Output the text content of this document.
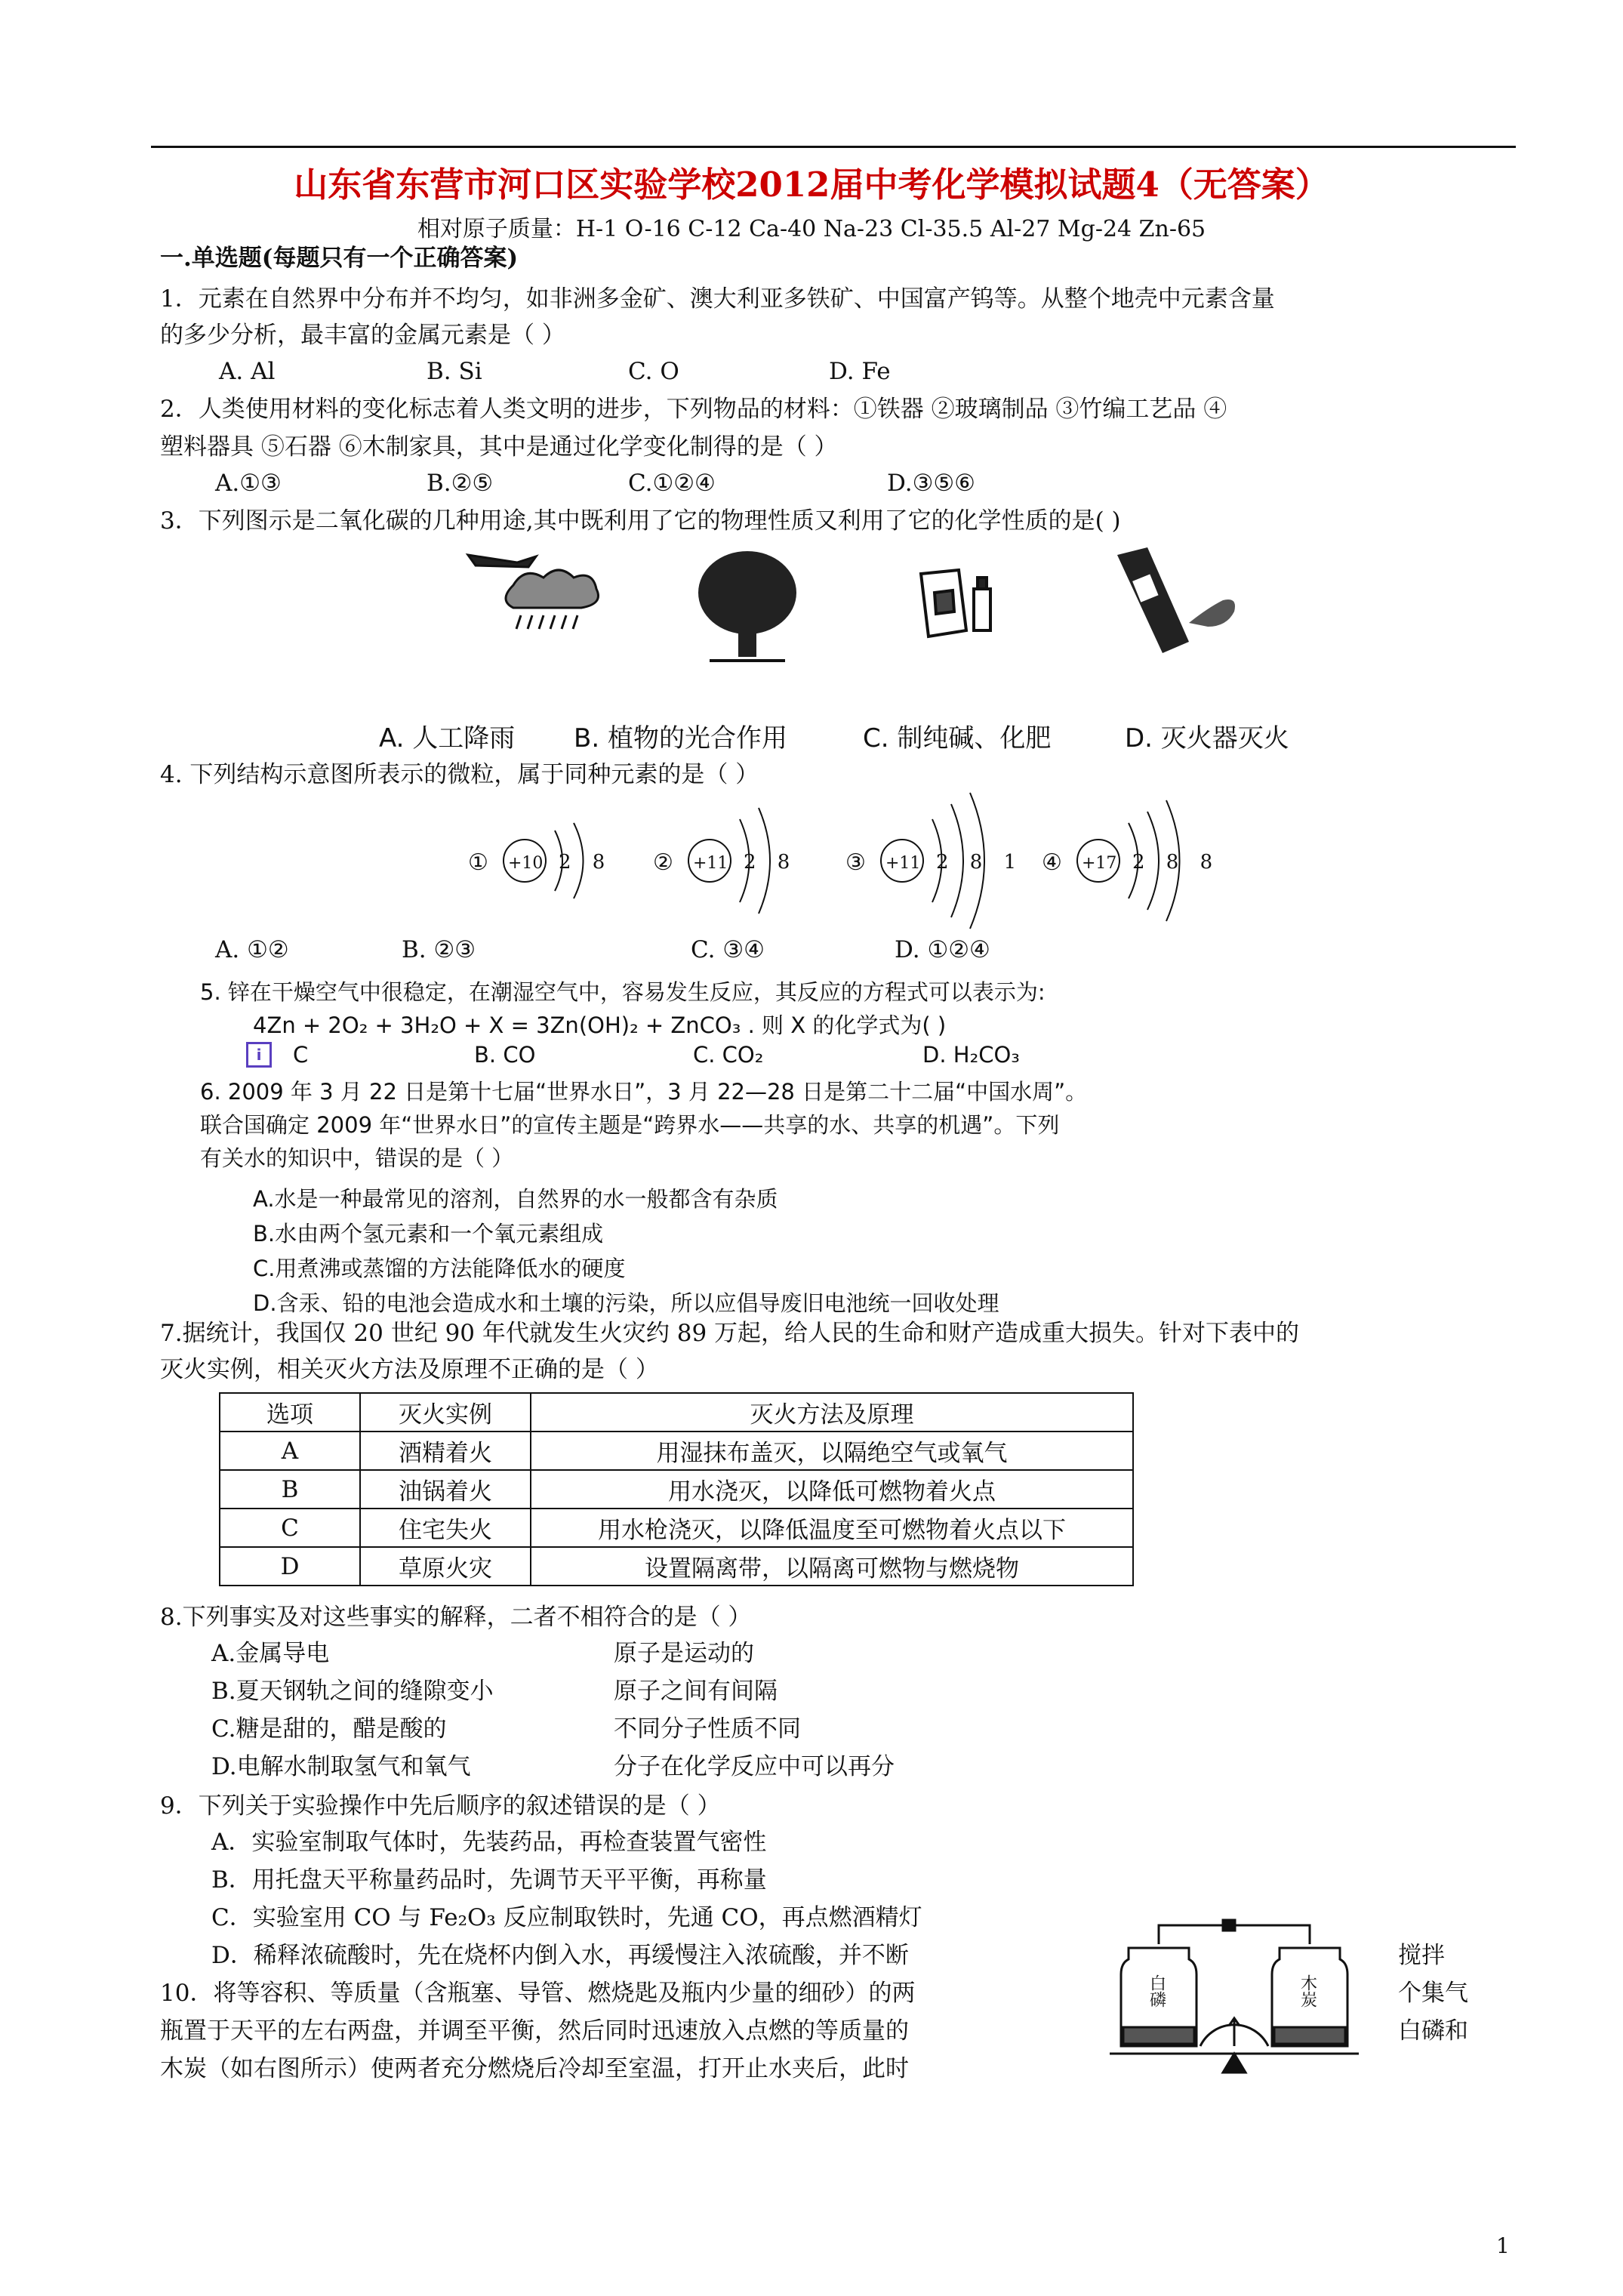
山东省东营市河口区实验学校2012届中考化学模拟试题4（无答案）
相对原子质量：H-1 O-16 C-12 Ca-40 Na-23 Cl-35.5 Al-27 Mg-24 Zn-65
一.单选题(每题只有一个正确答案)
1．元素在自然界中分布并不均匀，如非洲多金矿、澳大利亚多铁矿、中国富产钨等。从整个地壳中元素含量
的多少分析，最丰富的金属元素是（ ）
A. Al	B. Si	C. O	D. Fe
2．人类使用材料的变化标志着人类文明的进步，下列物品的材料：①铁器 ②玻璃制品 ③竹编工艺品 ④
塑料器具 ⑤石器 ⑥木制家具，其中是通过化学变化制得的是（ ）
A.①③	B.②⑤	C.①②④	D.③⑤⑥
3．下列图示是二氧化碳的几种用途,其中既利用了它的物理性质又利用了它的化学性质的是( )
A. 人工降雨 B. 植物的光合作用	C. 制纯碱、化肥	D. 灭火器灭火
4. 下列结构示意图所表示的微粒，属于同种元素的是（ ）
① +10 2 8 ② +11 2 8 ③ +11 2 8 1 ④ +17 2 8 8
A. ①②	B. ②③	C. ③④	D. ①②④
5. 锌在干燥空气中很稳定，在潮湿空气中，容易发生反应，其反应的方程式可以表示为:
4Zn + 2O₂ + 3H₂O + X = 3Zn(OH)₂ + ZnCO₃ . 则 X 的化学式为( )
i	C	B. CO	C. CO₂	D. H₂CO₃
6. 2009 年 3 月 22 日是第十七届“世界水日”，3 月 22—28 日是第二十二届“中国水周”。
联合国确定 2009 年“世界水日”的宣传主题是“跨界水——共享的水、共享的机遇”。下列
有关水的知识中，错误的是（ ）
A.水是一种最常见的溶剂，自然界的水一般都含有杂质
B.水由两个氢元素和一个氧元素组成
C.用煮沸或蒸馏的方法能降低水的硬度
D.含汞、铅的电池会造成水和土壤的污染，所以应倡导废旧电池统一回收处理
7.据统计，我国仅 20 世纪 90 年代就发生火灾约 89 万起，给人民的生命和财产造成重大损失。针对下表中的
灭火实例，相关灭火方法及原理不正确的是（ ）
选项	灭火实例	灭火方法及原理
A	酒精着火	用湿抹布盖灭，以隔绝空气或氧气
B	油锅着火	用水浇灭，以降低可燃物着火点
C	住宅失火	用水枪浇灭，以降低温度至可燃物着火点以下
D	草原火灾	设置隔离带，以隔离可燃物与燃烧物
8.下列事实及对这些事实的解释，二者不相符合的是（ ）
A.金属导电	原子是运动的
B.夏天钢轨之间的缝隙变小	原子之间有间隔
C.糖是甜的，醋是酸的	不同分子性质不同
D.电解水制取氢气和氧气	分子在化学反应中可以再分
9．下列关于实验操作中先后顺序的叙述错误的是（ ）
A．实验室制取气体时，先装药品，再检查装置气密性
B．用托盘天平称量药品时，先调节天平平衡，再称量
C．实验室用 CO 与 Fe₂O₃ 反应制取铁时，先通 CO，再点燃酒精灯
D．稀释浓硫酸时，先在烧杯内倒入水，再缓慢注入浓硫酸，并不断	搅拌
10．将等容积、等质量（含瓶塞、导管、燃烧匙及瓶内少量的细砂）的两	个集气
瓶置于天平的左右两盘，并调至平衡，然后同时迅速放入点燃的等质量的	白磷和
木炭（如右图所示）使两者充分燃烧后冷却至室温，打开止水夹后，此时
白磷	木炭
1
